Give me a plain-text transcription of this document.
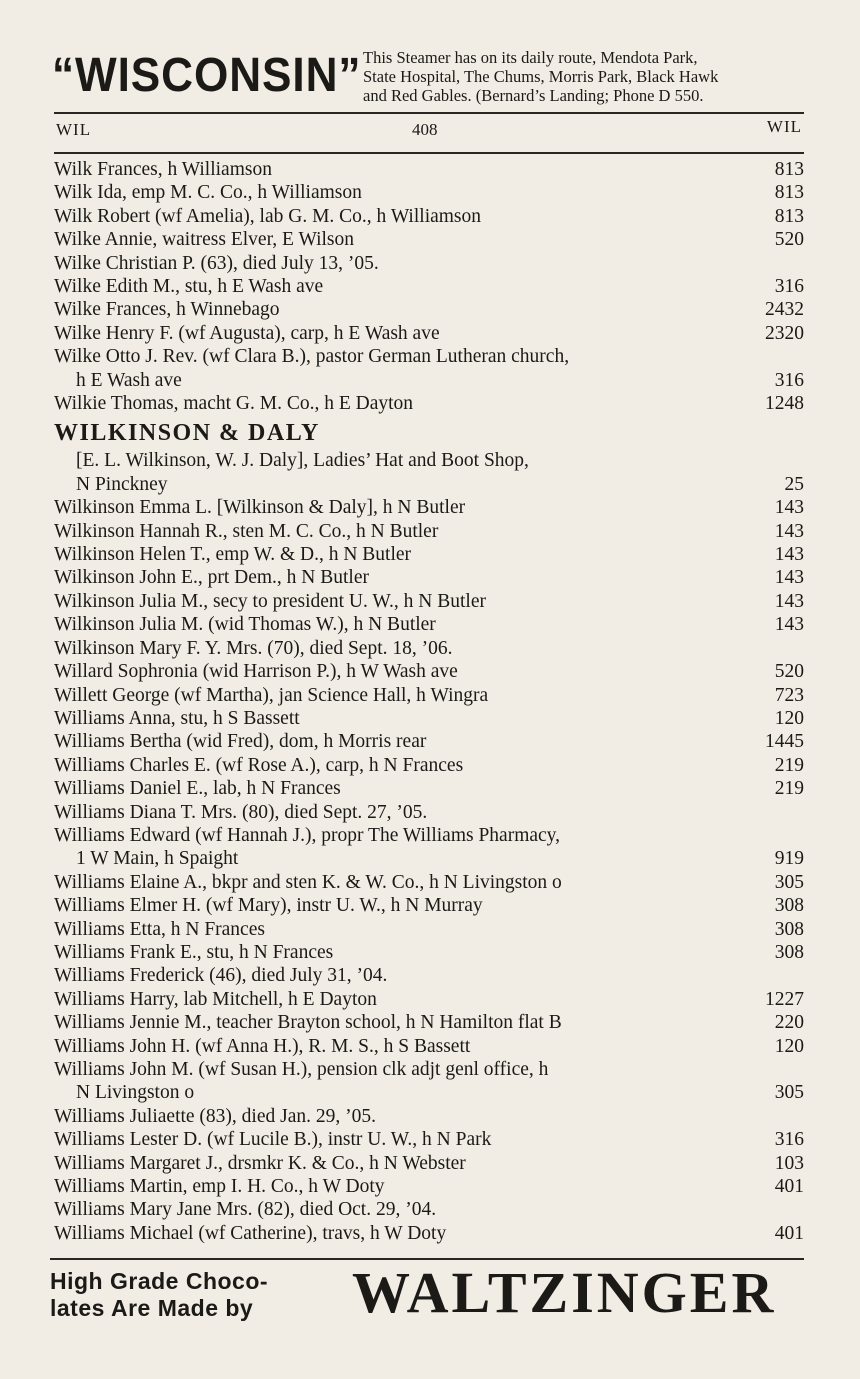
“WISCONSIN” This Steamer has on its daily route, Mendota Park,
State Hospital, The Chums, Morris Park, Black Hawk
and Red Gables. (Bernard’s Landing; Phone D 550.
WIL	408	WIL
Wilk Frances, h Williamson	813
Wilk Ida, emp M. C. Co., h Williamson	813
Wilk Robert (wf Amelia), lab G. M. Co., h Williamson	813
Wilke Annie, waitress Elver, E Wilson	520
Wilke Christian P. (63), died July 13, ’05.
Wilke Edith M., stu, h E Wash ave	316
Wilke Frances, h Winnebago	2432
Wilke Henry F. (wf Augusta), carp, h E Wash ave	2320
Wilke Otto J. Rev. (wf Clara B.), pastor German Lutheran church,
h E Wash ave	316
Wilkie Thomas, macht G. M. Co., h E Dayton	1248
WILKINSON & DALY
[E. L. Wilkinson, W. J. Daly], Ladies’ Hat and Boot Shop,
N Pinckney	25
Wilkinson Emma L. [Wilkinson & Daly], h N Butler	143
Wilkinson Hannah R., sten M. C. Co., h N Butler	143
Wilkinson Helen T., emp W. & D., h N Butler	143
Wilkinson John E., prt Dem., h N Butler	143
Wilkinson Julia M., secy to president U. W., h N Butler	143
Wilkinson Julia M. (wid Thomas W.), h N Butler	143
Wilkinson Mary F. Y. Mrs. (70), died Sept. 18, ’06.
Willard Sophronia (wid Harrison P.), h W Wash ave	520
Willett George (wf Martha), jan Science Hall, h Wingra	723
Williams Anna, stu, h S Bassett	120
Williams Bertha (wid Fred), dom, h Morris rear	1445
Williams Charles E. (wf Rose A.), carp, h N Frances	219
Williams Daniel E., lab, h N Frances	219
Williams Diana T. Mrs. (80), died Sept. 27, ’05.
Williams Edward (wf Hannah J.), propr The Williams Pharmacy,
1 W Main, h Spaight	919
Williams Elaine A., bkpr and sten K. & W. Co., h N Livingston o	305
Williams Elmer H. (wf Mary), instr U. W., h N Murray	308
Williams Etta, h N Frances	308
Williams Frank E., stu, h N Frances	308
Williams Frederick (46), died July 31, ’04.
Williams Harry, lab Mitchell, h E Dayton	1227
Williams Jennie M., teacher Brayton school, h N Hamilton flat B	220
Williams John H. (wf Anna H.), R. M. S., h S Bassett	120
Williams John M. (wf Susan H.), pension clk adjt genl office, h
N Livingston o	305
Williams Juliaette (83), died Jan. 29, ’05.
Williams Lester D. (wf Lucile B.), instr U. W., h N Park	316
Williams Margaret J., drsmkr K. & Co., h N Webster	103
Williams Martin, emp I. H. Co., h W Doty	401
Williams Mary Jane Mrs. (82), died Oct. 29, ’04.
Williams Michael (wf Catherine), travs, h W Doty	401
High Grade Choco-
lates Are Made by WALTZINGER
